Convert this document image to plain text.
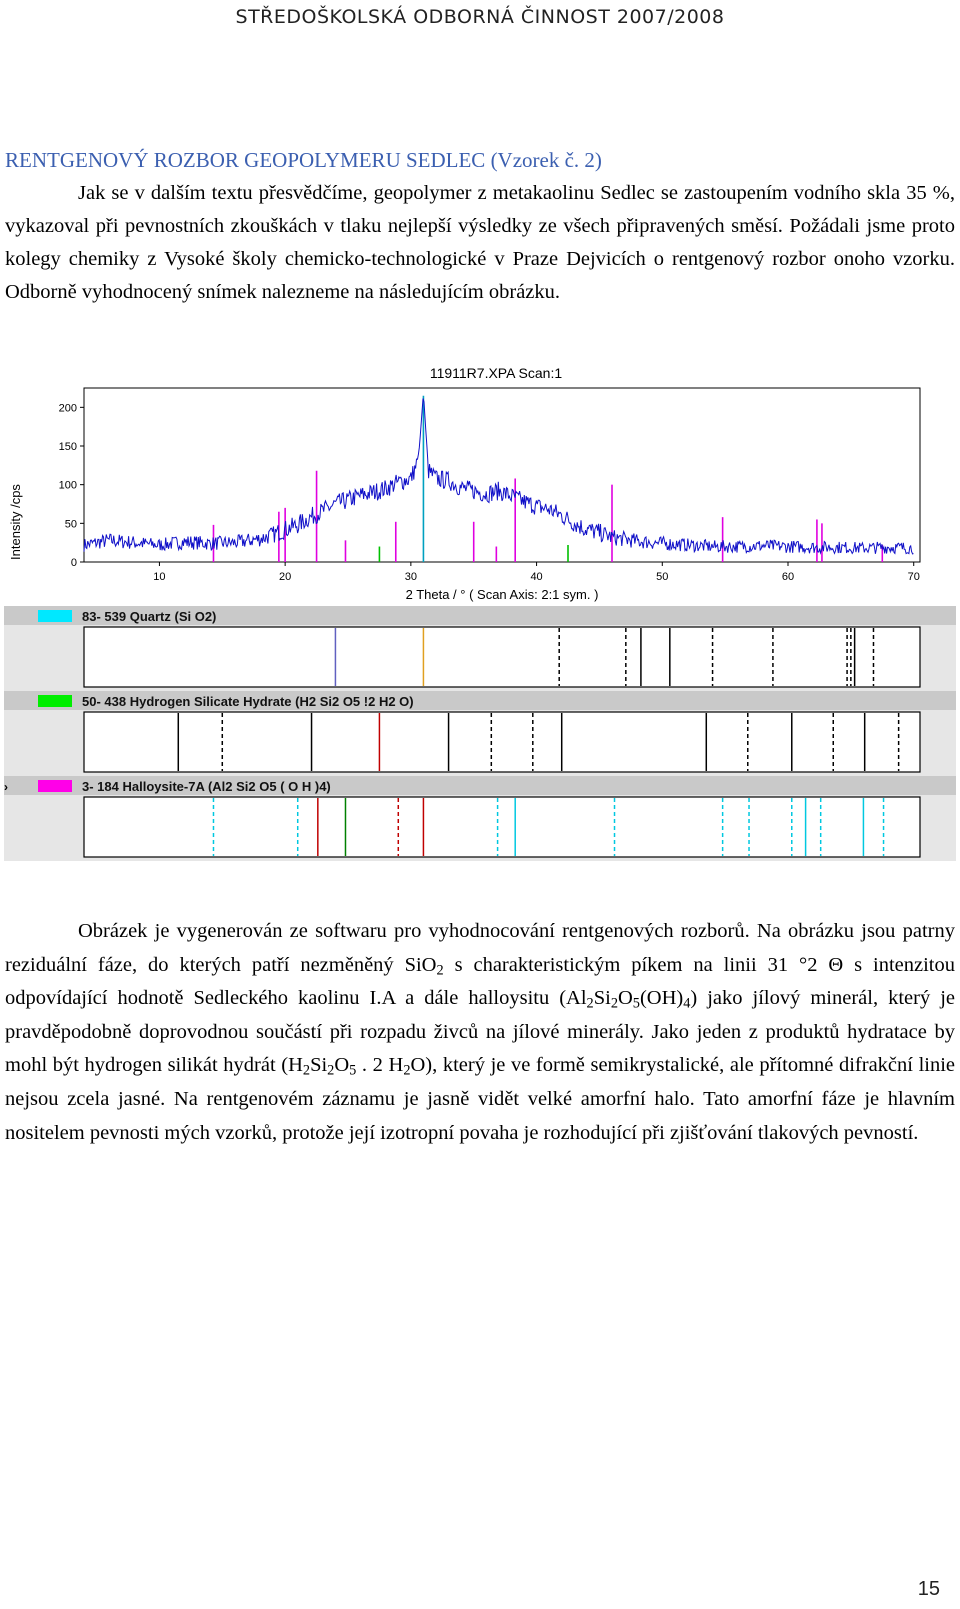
STŘEDOŠKOLSKÁ ODBORNÁ ČINNOST 2007/2008
RENTGENOVÝ ROZBOR GEOPOLYMERU SEDLEC (Vzorek č. 2)
Jak se v dalším textu přesvědčíme, geopolymer z metakaolinu Sedlec se zastoupením vodního skla 35 %, vykazoval při pevnostních zkouškách v tlaku nejlepší výsledky ze všech připravených směsí. Požádali jsme proto kolegy chemiky z Vysoké školy chemicko-technologické v Praze Dejvicích o rentgenový rozbor onoho vzorku. Odborně vyhodnocený snímek nalezneme na následujícím obrázku.
11911R7.XPA Scan:1
Intensity /cps
2 Theta / ° ( Scan Axis: 2:1 sym. )
10	20	30	40	50	60	70
0
50
100
150
200
83- 539 Quartz (Si O2)
50- 438 Hydrogen Silicate Hydrate (H2 Si2 O5 !2 H2 O)
3- 184 Halloysite-7A (Al2 Si2 O5 ( O H )4)
›
Obrázek je vygenerován ze softwaru pro vyhodnocování rentgenových rozborů. Na obrázku jsou patrny reziduální fáze, do kterých patří nezměněný SiO$_2$ s charakteristickým píkem na linii 31 °2 Θ s intenzitou odpovídající hodnotě Sedleckého kaolinu I.A a dále halloysitu $(Al_2Si_2O_5(OH)_4)$ jako jílový minerál, který je pravděpodobně doprovodnou součástí při rozpadu živců na jílové minerály. Jako jeden z produktů hydratace by mohl být hydrogen silikát hydrát ($H_2Si_2O_5$ . 2 $H_2O$), který je ve formě semikrystalické, ale přítomné difrakční linie nejsou zcela jasné. Na rentgenovém záznamu je jasně vidět velké amorfní halo. Tato amorfní fáze je hlavním nositelem pevnosti mých vzorků, protože její izotropní povaha je rozhodující při zjišťování tlakových pevností.
15
